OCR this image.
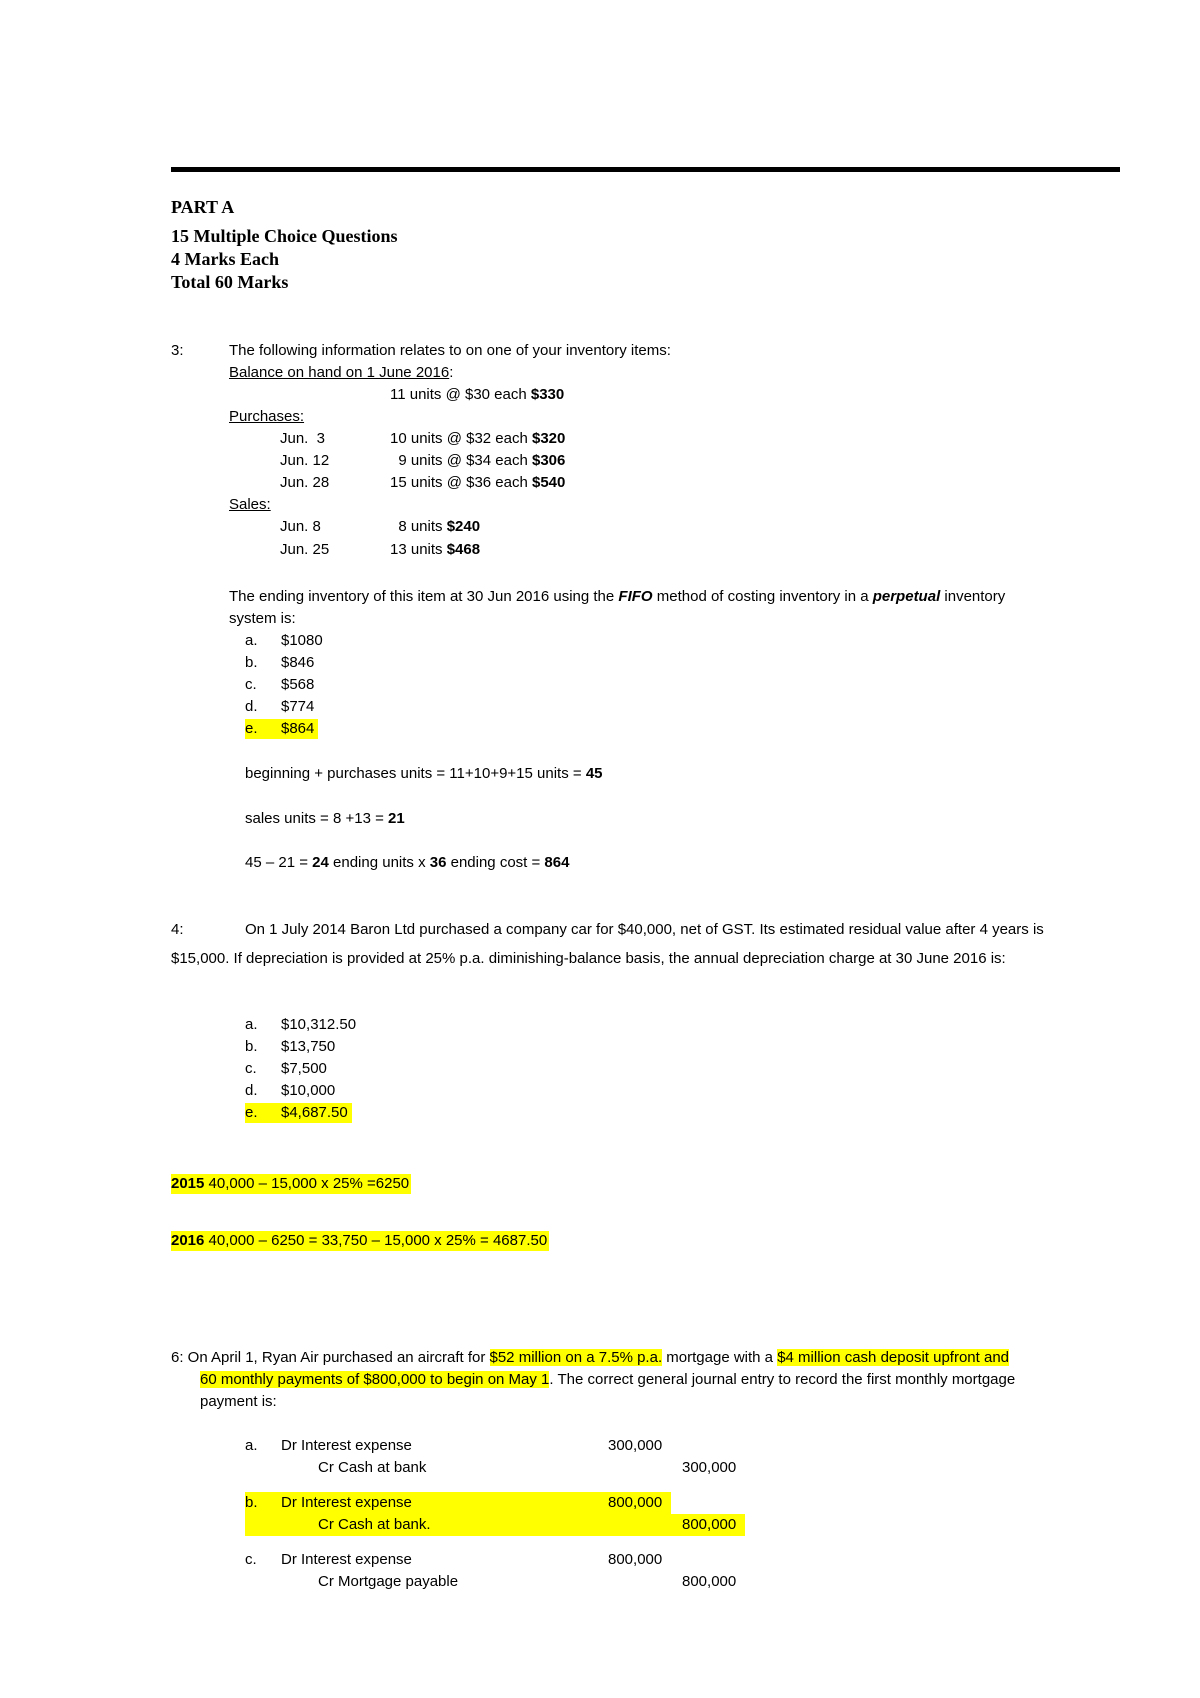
PART A
15 Multiple Choice Questions
4 Marks Each
Total 60 Marks
3:	The following information relates to on one of your inventory items:
Balance on hand on 1 June 2016:
11 units @ $30 each $330
Purchases:
Jun.  3	10 units @ $32 each $320
Jun. 12	9 units @ $34 each $306
Jun. 28	15 units @ $36 each $540
Sales:
Jun. 8	8 units $240
Jun. 25	13 units $468
The ending inventory of this item at 30 Jun 2016 using the FIFO method of costing inventory in a perpetual inventory
system is:
a. $1080
b. $846
c. $568
d. $774
e. $864
beginning + purchases units = 11+10+9+15 units = 45
sales units = 8 +13 = 21
45 – 21 = 24 ending units x 36 ending cost = 864
4:	On 1 July 2014 Baron Ltd purchased a company car for $40,000, net of GST. Its estimated residual value after 4 years is
$15,000. If depreciation is provided at 25% p.a. diminishing-balance basis, the annual depreciation charge at 30 June 2016 is:
a. $10,312.50
b. $13,750
c. $7,500
d. $10,000
e. $4,687.50
2015 40,000 – 15,000 x 25% =6250
2016 40,000 – 6250 = 33,750 – 15,000 x 25% = 4687.50
6: On April 1, Ryan Air purchased an aircraft for $52 million on a 7.5% p.a. mortgage with a $4 million cash deposit upfront and
60 monthly payments of $800,000 to begin on May 1. The correct general journal entry to record the first monthly mortgage
payment is:
a. Dr Interest expense	300,000
Cr Cash at bank	300,000
b. Dr Interest expense	800,000
Cr Cash at bank.	800,000
c. Dr Interest expense	800,000
Cr Mortgage payable	800,000
